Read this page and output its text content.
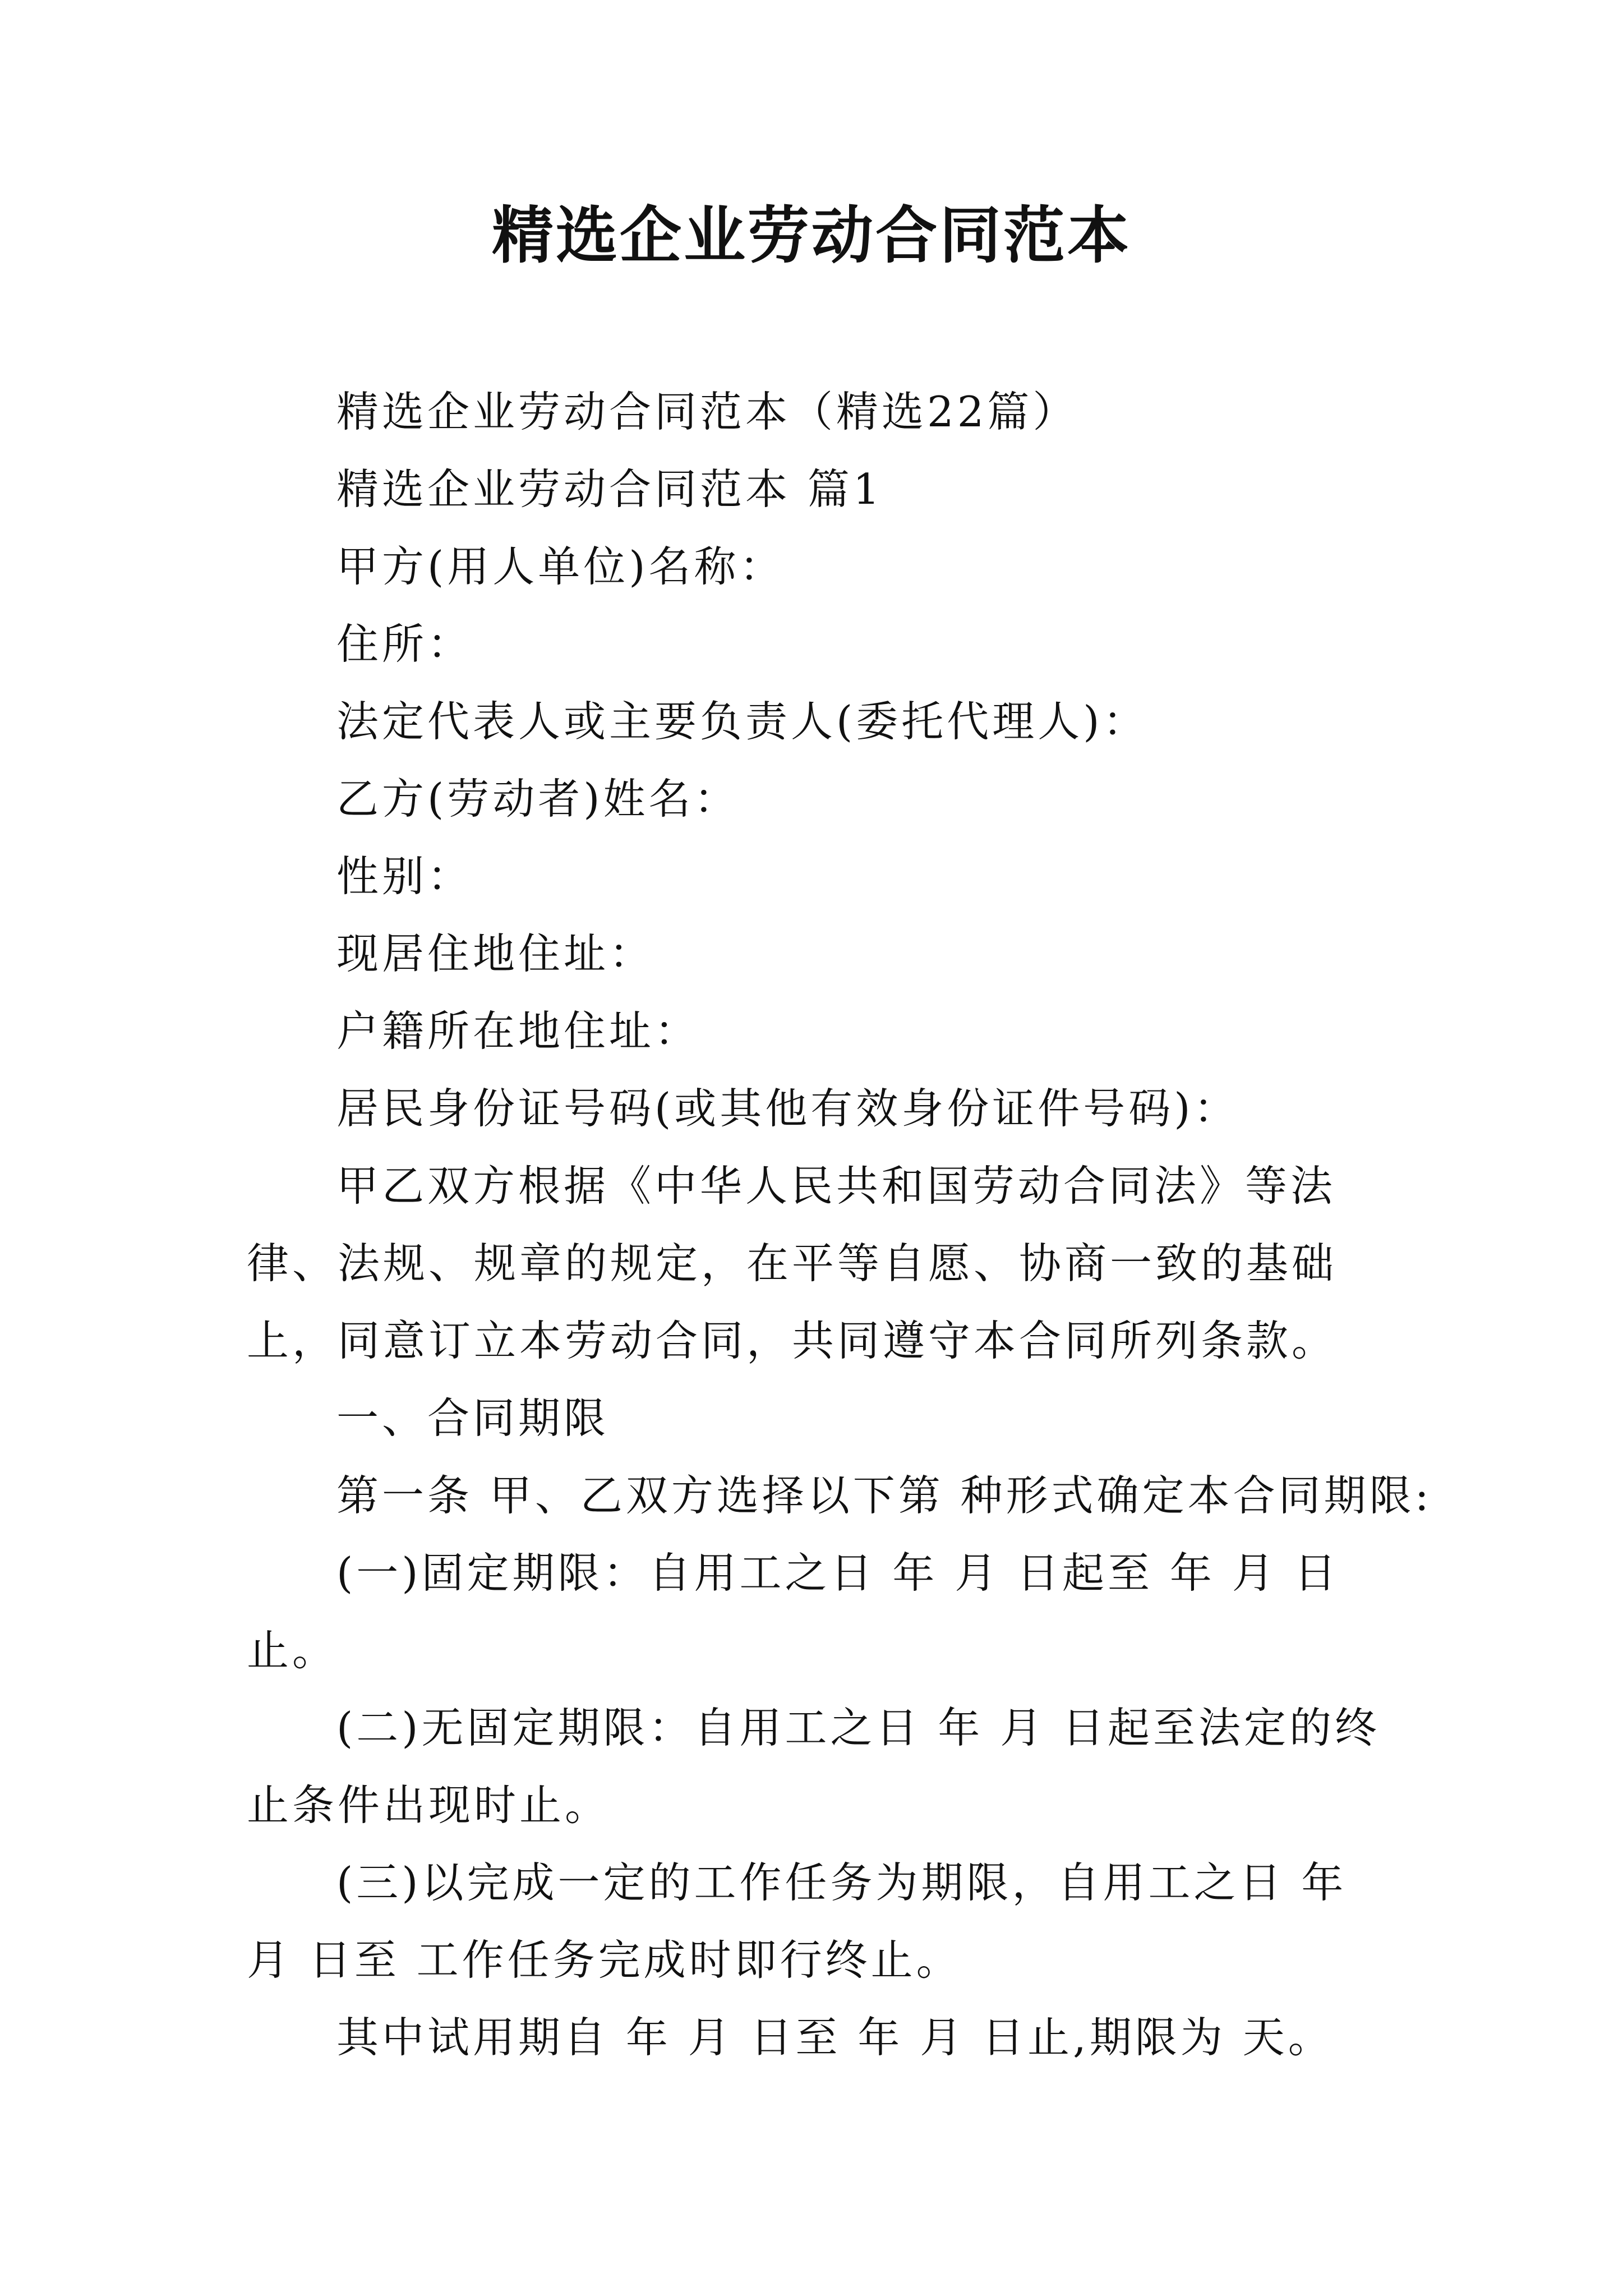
精选企业劳动合同范本

精选企业劳动合同范本（精选22篇）

精选企业劳动合同范本 篇1

甲方(用人单位)名称：

住所：

法定代表人或主要负责人(委托代理人)：

乙方(劳动者)姓名：

性别：

现居住地住址：

户籍所在地住址：

居民身份证号码(或其他有效身份证件号码)：

甲乙双方根据《中华人民共和国劳动合同法》等法律、法规、规章的规定，在平等自愿、协商一致的基础上，同意订立本劳动合同，共同遵守本合同所列条款。

一、合同期限

第一条 甲、乙双方选择以下第 种形式确定本合同期限:

(一)固定期限：自用工之日 年 月 日起至 年 月 日止。

(二)无固定期限：自用工之日 年 月 日起至法定的终止条件出现时止。

(三)以完成一定的工作任务为期限，自用工之日 年 月 日至 工作任务完成时即行终止。

其中试用期自 年 月 日至 年 月 日止,期限为 天。
